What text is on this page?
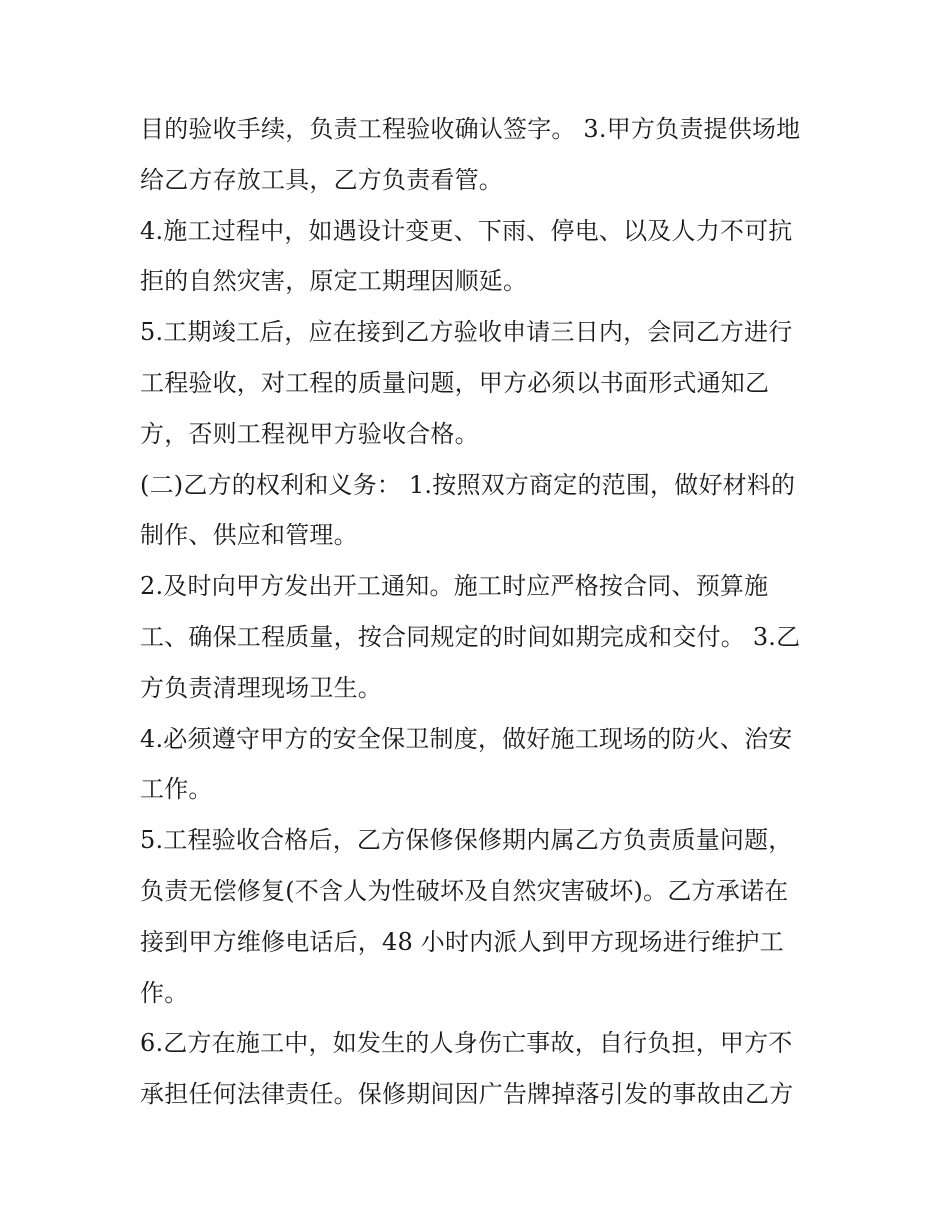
目的验收手续，负责工程验收确认签字。 3.甲方负责提供场地
给乙方存放工具，乙方负责看管。
4.施工过程中，如遇设计变更、下雨、停电、以及人力不可抗
拒的自然灾害，原定工期理因顺延。
5.工期竣工后，应在接到乙方验收申请三日内，会同乙方进行
工程验收，对工程的质量问题，甲方必须以书面形式通知乙
方，否则工程视甲方验收合格。
(二)乙方的权利和义务： 1.按照双方商定的范围，做好材料的
制作、供应和管理。
2.及时向甲方发出开工通知。施工时应严格按合同、预算施
工、确保工程质量，按合同规定的时间如期完成和交付。 3.乙
方负责清理现场卫生。
4.必须遵守甲方的安全保卫制度，做好施工现场的防火、治安
工作。
5.工程验收合格后，乙方保修保修期内属乙方负责质量问题，
负责无偿修复(不含人为性破坏及自然灾害破坏)。乙方承诺在
接到甲方维修电话后，48 小时内派人到甲方现场进行维护工
作。
6.乙方在施工中，如发生的人身伤亡事故，自行负担，甲方不
承担任何法律责任。保修期间因广告牌掉落引发的事故由乙方
